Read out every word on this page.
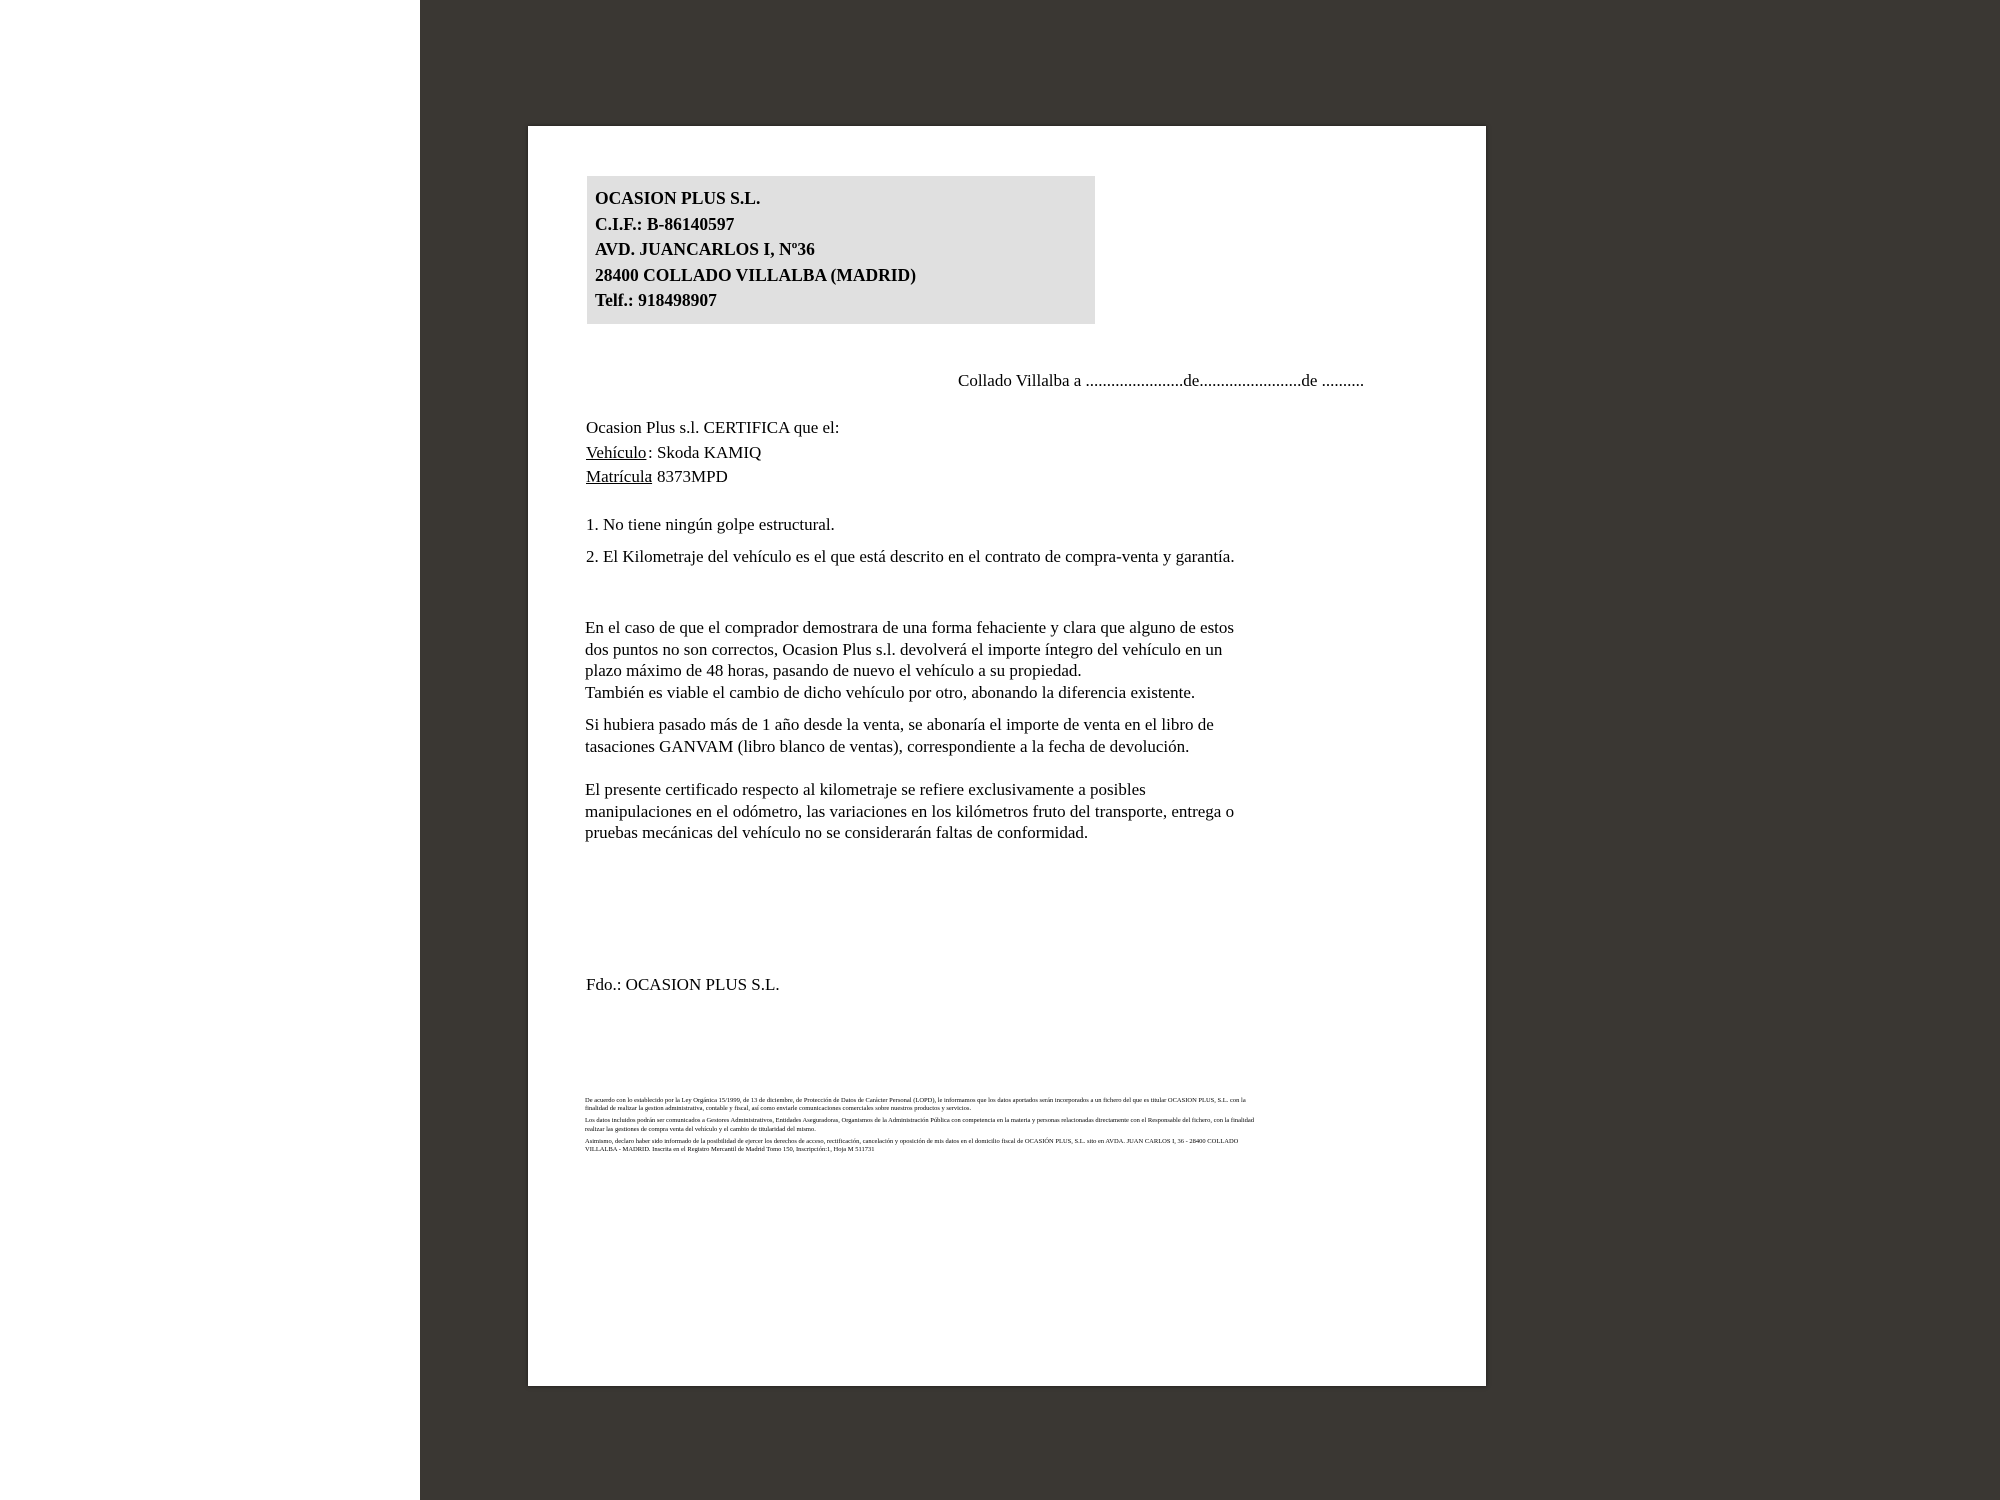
OCASION PLUS S.L.
C.I.F.: B-86140597
AVD. JUANCARLOS I, Nº36
28400 COLLADO VILLALBA (MADRID)
Telf.: 918498907
Collado Villalba a .......................de........................de ..........
Ocasion Plus s.l. CERTIFICA que el:
Vehículo: Skoda KAMIQ
Matrícula: 8373MPD
1. No tiene ningún golpe estructural.
2. El Kilometraje del vehículo es el que está descrito en el contrato de compra-venta y garantía.
En el caso de que el comprador demostrara de una forma fehaciente y clara que alguno de estos dos puntos no son correctos, Ocasion Plus s.l. devolverá el importe íntegro del vehículo en un plazo máximo de 48 horas, pasando de nuevo el vehículo a su propiedad.
También es viable el cambio de dicho vehículo por otro, abonando la diferencia existente.
Si hubiera pasado más de 1 año desde la venta, se abonaría el importe de venta en el libro de tasaciones GANVAM (libro blanco de ventas), correspondiente a la fecha de devolución.
El presente certificado respecto al kilometraje se refiere exclusivamente a posibles manipulaciones en el odómetro, las variaciones en los kilómetros fruto del transporte, entrega o pruebas mecánicas del vehículo no se considerarán faltas de conformidad.
Fdo.: OCASION PLUS S.L.

De acuerdo con lo establecido por la Ley Orgánica 15/1999, de 13 de diciembre, de Protección de Datos de Carácter Personal (LOPD), le informamos que los datos aportados serán incorporados a un fichero del que es titular OCASION PLUS, S.L. con la finalidad de realizar la gestion administrativa, contable y fiscal, así como enviarle comunicaciones comerciales sobre nuestros productos y servicios.

Los datos incluidos podrán ser comunicados a Gestores Administrativos, Entidades Aseguradoras, Organismos de la Administración Pública con competencia en la materia y personas relacionadas directamente con el Responsable del fichero, con la finalidad realizar las gestiones de compra venta del vehículo y el cambio de titularidad del mismo.

Asimismo, declaro haber sido informado de la posibilidad de ejercer los derechos de acceso, rectificación, cancelación y oposición de mis datos en el domicilio fiscal de OCASIÓN PLUS, S.L. sito en AVDA. JUAN CARLOS I, 36 - 28400 COLLADO VILLALBA - MADRID. Inscrita en el Registro Mercantil de Madrid Tomo 150, Inscripción:1, Hoja M 511731
